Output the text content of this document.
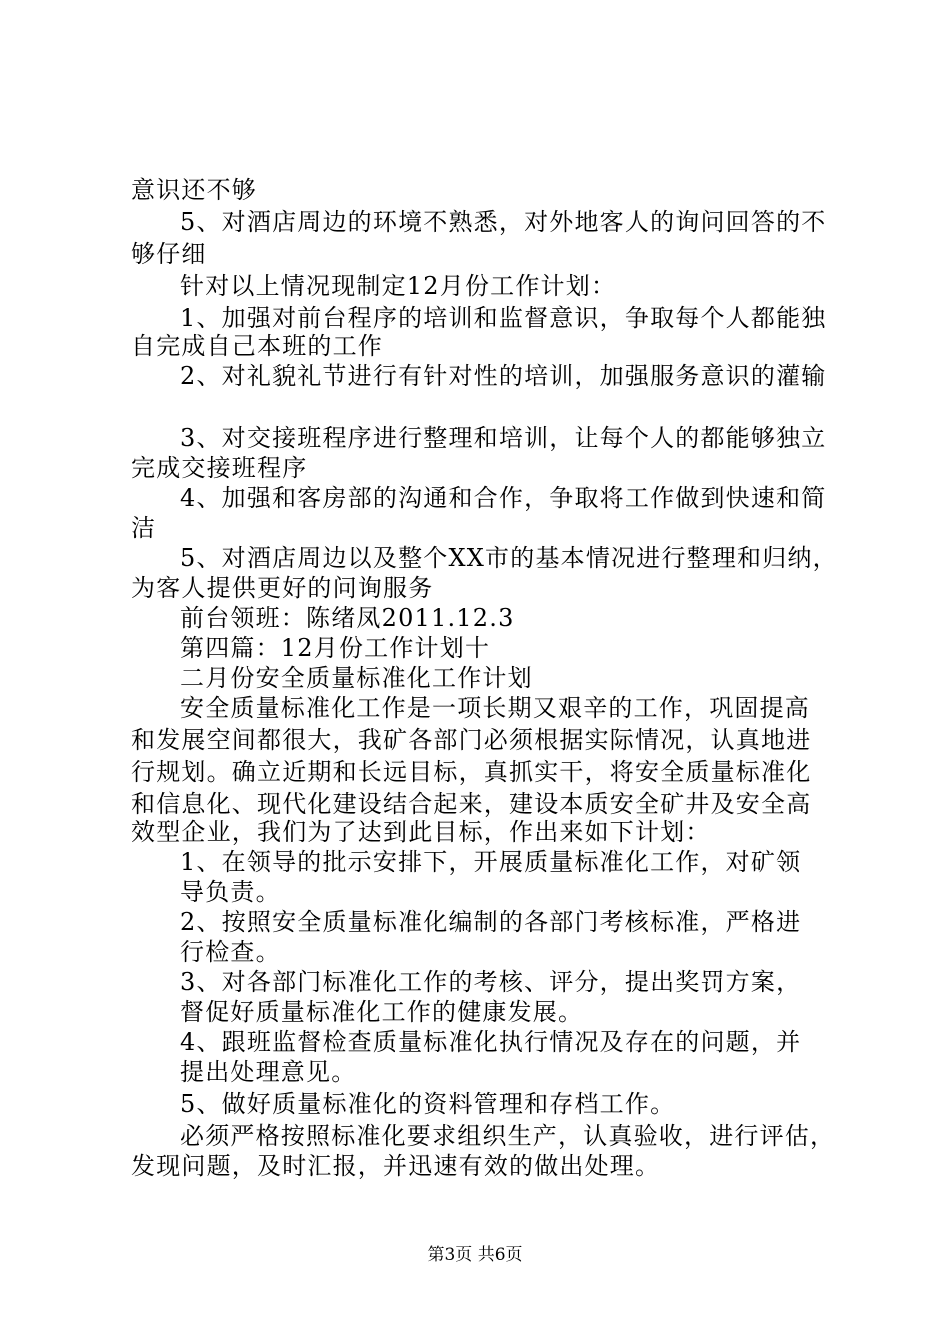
意识还不够
5、对酒店周边的环境不熟悉，对外地客人的询问回答的不
够仔细
针对以上情况现制定12月份工作计划：
1、加强对前台程序的培训和监督意识，争取每个人都能独
自完成自己本班的工作
2、对礼貌礼节进行有针对性的培训，加强服务意识的灌输
3、对交接班程序进行整理和培训，让每个人的都能够独立
完成交接班程序
4、加强和客房部的沟通和合作，争取将工作做到快速和简
洁
5、对酒店周边以及整个XX市的基本情况进行整理和归纳，
为客人提供更好的问询服务
前台领班：陈绪凤2011.12.3
第四篇：12月份工作计划十
二月份安全质量标准化工作计划
安全质量标准化工作是一项长期又艰辛的工作，巩固提高
和发展空间都很大，我矿各部门必须根据实际情况，认真地进
行规划。确立近期和长远目标，真抓实干，将安全质量标准化
和信息化、现代化建设结合起来，建设本质安全矿井及安全高
效型企业，我们为了达到此目标，作出来如下计划：
1、在领导的批示安排下，开展质量标准化工作，对矿领
导负责。
2、按照安全质量标准化编制的各部门考核标准，严格进
行检查。
3、对各部门标准化工作的考核、评分，提出奖罚方案，
督促好质量标准化工作的健康发展。
4、跟班监督检查质量标准化执行情况及存在的问题，并
提出处理意见。
5、做好质量标准化的资料管理和存档工作。
必须严格按照标准化要求组织生产，认真验收，进行评估，
发现问题，及时汇报，并迅速有效的做出处理。
第3页 共6页
